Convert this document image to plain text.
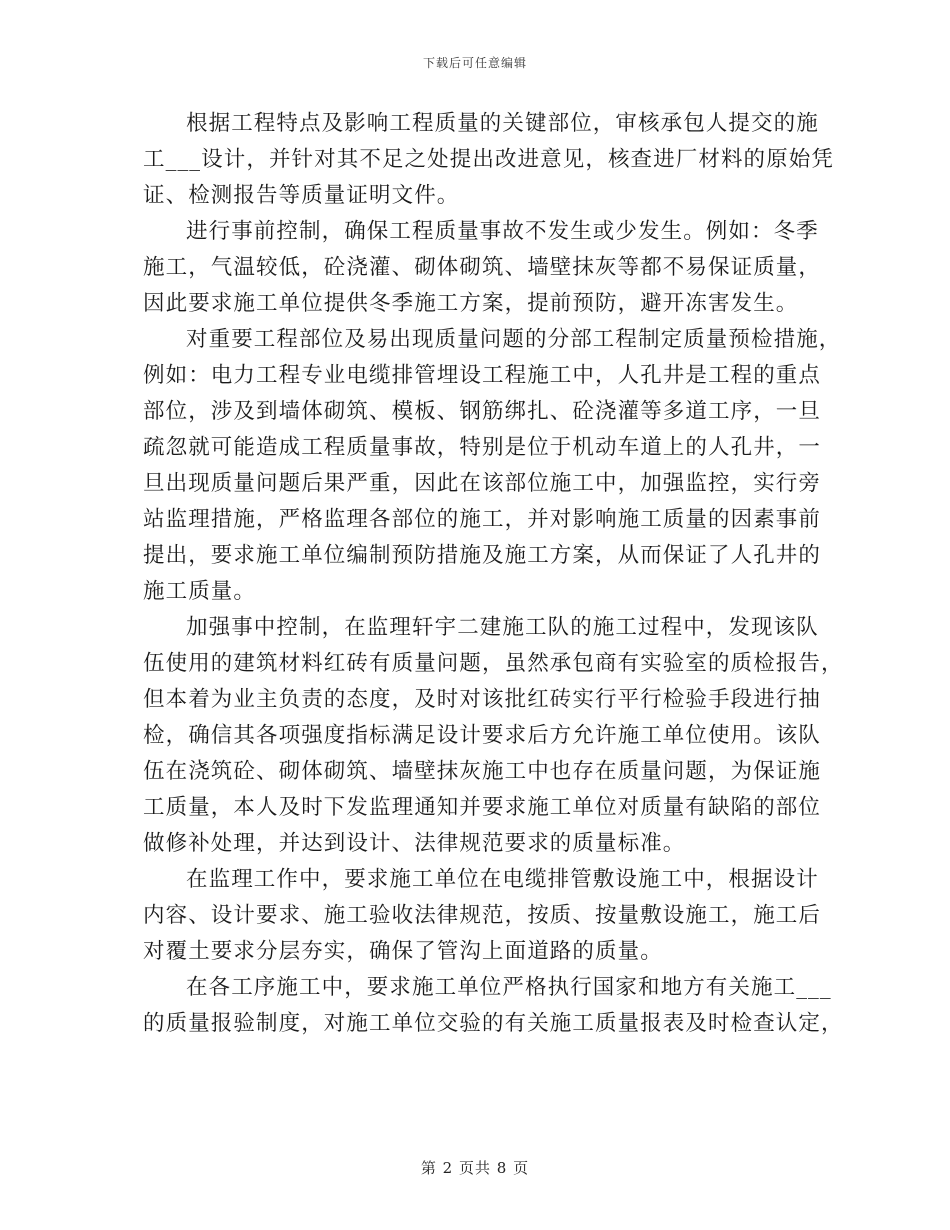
下载后可任意编辑
根据工程特点及影响工程质量的关键部位，审核承包人提交的施
工___设计，并针对其不足之处提出改进意见，核查进厂材料的原始凭
证、检测报告等质量证明文件。
进行事前控制，确保工程质量事故不发生或少发生。例如：冬季
施工，气温较低，砼浇灌、砌体砌筑、墙壁抹灰等都不易保证质量，
因此要求施工单位提供冬季施工方案，提前预防，避开冻害发生。
对重要工程部位及易出现质量问题的分部工程制定质量预检措施，
例如：电力工程专业电缆排管埋设工程施工中，人孔井是工程的重点
部位，涉及到墙体砌筑、模板、钢筋绑扎、砼浇灌等多道工序，一旦
疏忽就可能造成工程质量事故，特别是位于机动车道上的人孔井，一
旦出现质量问题后果严重，因此在该部位施工中，加强监控，实行旁
站监理措施，严格监理各部位的施工，并对影响施工质量的因素事前
提出，要求施工单位编制预防措施及施工方案，从而保证了人孔井的
施工质量。
加强事中控制，在监理轩宇二建施工队的施工过程中，发现该队
伍使用的建筑材料红砖有质量问题，虽然承包商有实验室的质检报告，
但本着为业主负责的态度，及时对该批红砖实行平行检验手段进行抽
检，确信其各项强度指标满足设计要求后方允许施工单位使用。该队
伍在浇筑砼、砌体砌筑、墙壁抹灰施工中也存在质量问题，为保证施
工质量，本人及时下发监理通知并要求施工单位对质量有缺陷的部位
做修补处理，并达到设计、法律规范要求的质量标准。
在监理工作中，要求施工单位在电缆排管敷设施工中，根据设计
内容、设计要求、施工验收法律规范，按质、按量敷设施工，施工后
对覆土要求分层夯实，确保了管沟上面道路的质量。
在各工序施工中，要求施工单位严格执行国家和地方有关施工___
的质量报验制度，对施工单位交验的有关施工质量报表及时检查认定，
第 2 页共 8 页
